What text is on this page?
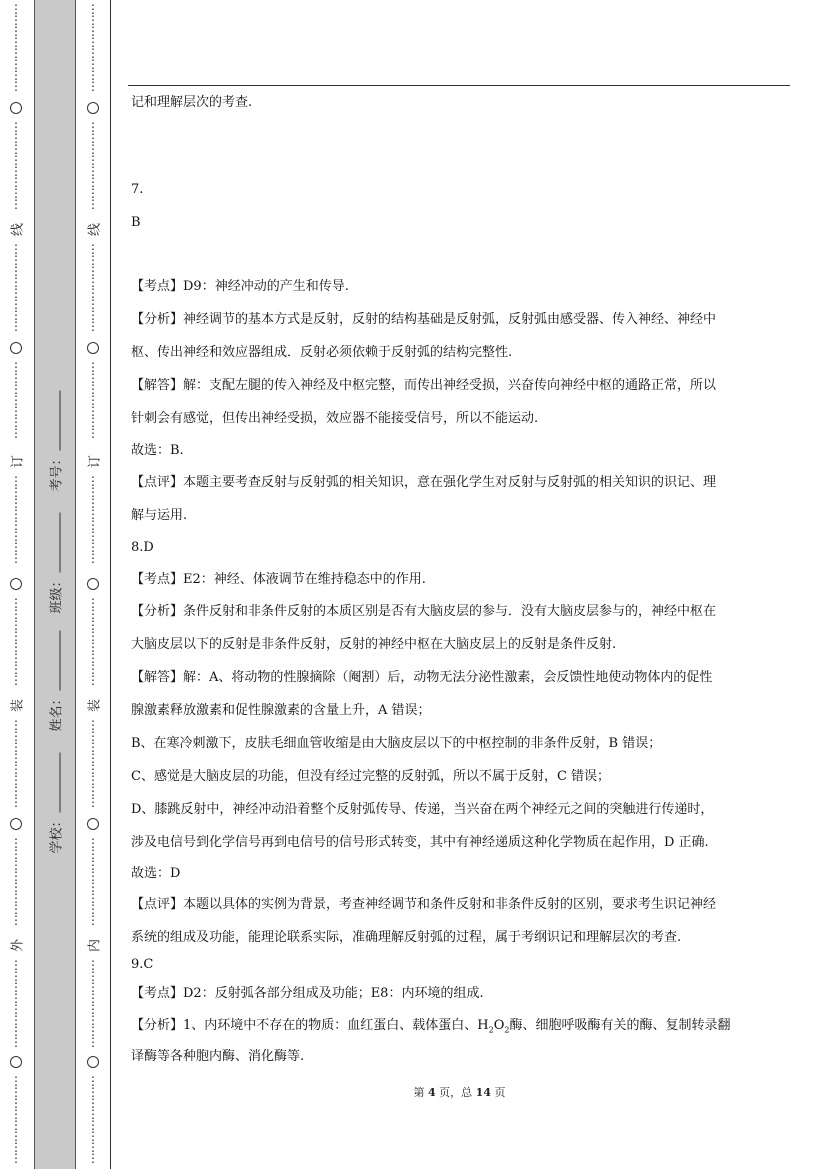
⋮
⋮
⋮
⋮
⋮
⋮
⋮
⋮
⋮
⋮
⋮
⋮
⋮
⋮
⋮
⋮
线
⋮
⋮
⋮
⋮
⋮
⋮
⋮
⋮
⋮
⋮
⋮
⋮
⋮
⋮
⋮
订
⋮
⋮
⋮
⋮
⋮
⋮
⋮
⋮
⋮
⋮
⋮
⋮
⋮
⋮
⋮
⋮
装
⋮
⋮
⋮
⋮
⋮
⋮
⋮
⋮
⋮
⋮
⋮
⋮
⋮
⋮
⋮
⋮
外
⋮
⋮
⋮
⋮
⋮
⋮
⋮
⋮
⋮
⋮
⋮
⋮
⋮
⋮
⋮
⋮
学校：
姓名：
班级：
考号：
⋮
⋮
⋮
⋮
⋮
⋮
⋮
⋮
⋮
⋮
⋮
⋮
⋮
⋮
⋮
⋮
线
⋮
⋮
⋮
⋮
⋮
⋮
⋮
⋮
⋮
⋮
⋮
⋮
⋮
⋮
⋮
订
⋮
⋮
⋮
⋮
⋮
⋮
⋮
⋮
⋮
⋮
⋮
⋮
⋮
⋮
⋮
⋮
装
⋮
⋮
⋮
⋮
⋮
⋮
⋮
⋮
⋮
⋮
⋮
⋮
⋮
⋮
⋮
⋮
内
⋮
⋮
⋮
⋮
⋮
⋮
⋮
⋮
⋮
⋮
⋮
⋮
⋮
⋮
⋮
⋮
记和理解层次的考查.
7.
B
【考点】D9：神经冲动的产生和传导.
【分析】神经调节的基本方式是反射，反射的结构基础是反射弧，反射弧由感受器、传入神经、神经中
枢、传出神经和效应器组成．反射必须依赖于反射弧的结构完整性.
【解答】解：支配左腿的传入神经及中枢完整，而传出神经受损，兴奋传向神经中枢的通路正常，所以
针刺会有感觉，但传出神经受损，效应器不能接受信号，所以不能运动.
故选：B.
【点评】本题主要考查反射与反射弧的相关知识，意在强化学生对反射与反射弧的相关知识的识记、理
解与运用.
8.D
【考点】E2：神经、体液调节在维持稳态中的作用.
【分析】条件反射和非条件反射的本质区别是否有大脑皮层的参与．没有大脑皮层参与的，神经中枢在
大脑皮层以下的反射是非条件反射，反射的神经中枢在大脑皮层上的反射是条件反射.
【解答】解：A、将动物的性腺摘除（阉割）后，动物无法分泌性激素，会反馈性地使动物体内的促性
腺激素释放激素和促性腺激素的含量上升，A 错误；
B、在寒冷刺激下，皮肤毛细血管收缩是由大脑皮层以下的中枢控制的非条件反射，B 错误；
C、感觉是大脑皮层的功能，但没有经过完整的反射弧，所以不属于反射，C 错误；
D、膝跳反射中，神经冲动沿着整个反射弧传导、传递，当兴奋在两个神经元之间的突触进行传递时，
涉及电信号到化学信号再到电信号的信号形式转变，其中有神经递质这种化学物质在起作用，D 正确.
故选：D
【点评】本题以具体的实例为背景，考查神经调节和条件反射和非条件反射的区别，要求考生识记神经
系统的组成及功能，能理论联系实际，准确理解反射弧的过程，属于考纲识记和理解层次的考查.
9.C
【考点】D2：反射弧各部分组成及功能；E8：内环境的组成.
【分析】1、内环境中不存在的物质：血红蛋白、载体蛋白、$H_2O_2$酶、细胞呼吸酶有关的酶、复制转录翻
译酶等各种胞内酶、消化酶等.
第 4 页，总 14 页
